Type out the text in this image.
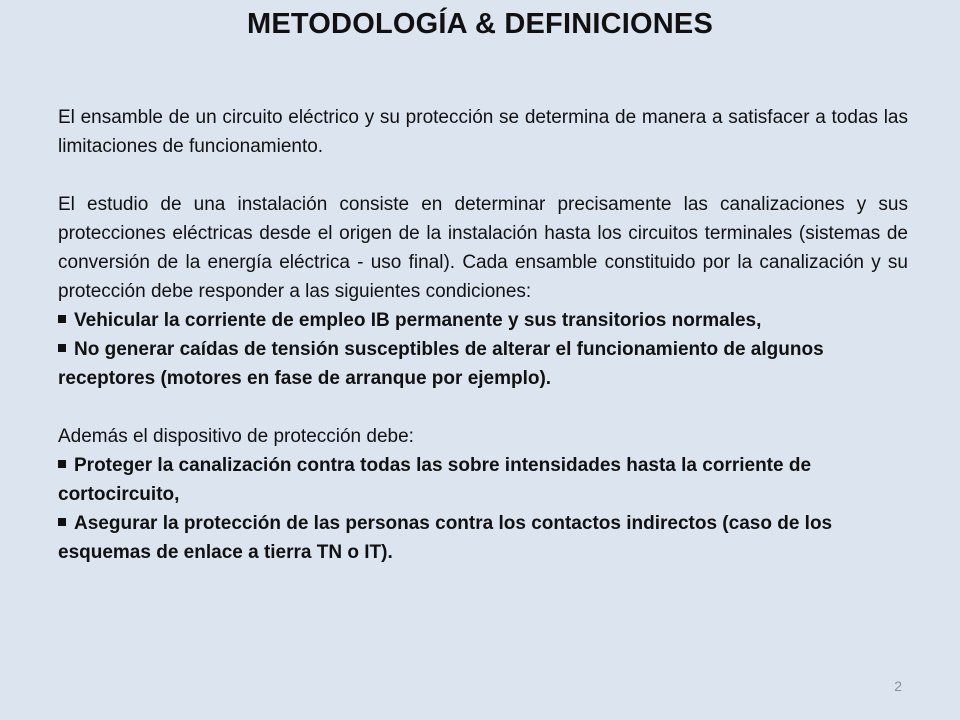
METODOLOGÍA & DEFINICIONES

El ensamble de un circuito eléctrico y su protección se determina de manera a satisfacer a todas las limitaciones de funcionamiento.

El estudio de una instalación consiste en determinar precisamente las canalizaciones y sus protecciones eléctricas desde el origen de la instalación hasta los circuitos terminales (sistemas de conversión de la energía eléctrica - uso final). Cada ensamble constituido por la canalización y su protección debe responder a las siguientes condiciones:

Vehicular la corriente de empleo IB permanente y sus transitorios normales,

No generar caídas de tensión susceptibles de alterar el funcionamiento de algunos receptores (motores en fase de arranque por ejemplo).

Además el dispositivo de protección debe:

Proteger la canalización contra todas las sobre intensidades hasta la corriente de cortocircuito,

Asegurar la protección de las personas contra los contactos indirectos (caso de los esquemas de enlace a tierra TN o IT).

2
